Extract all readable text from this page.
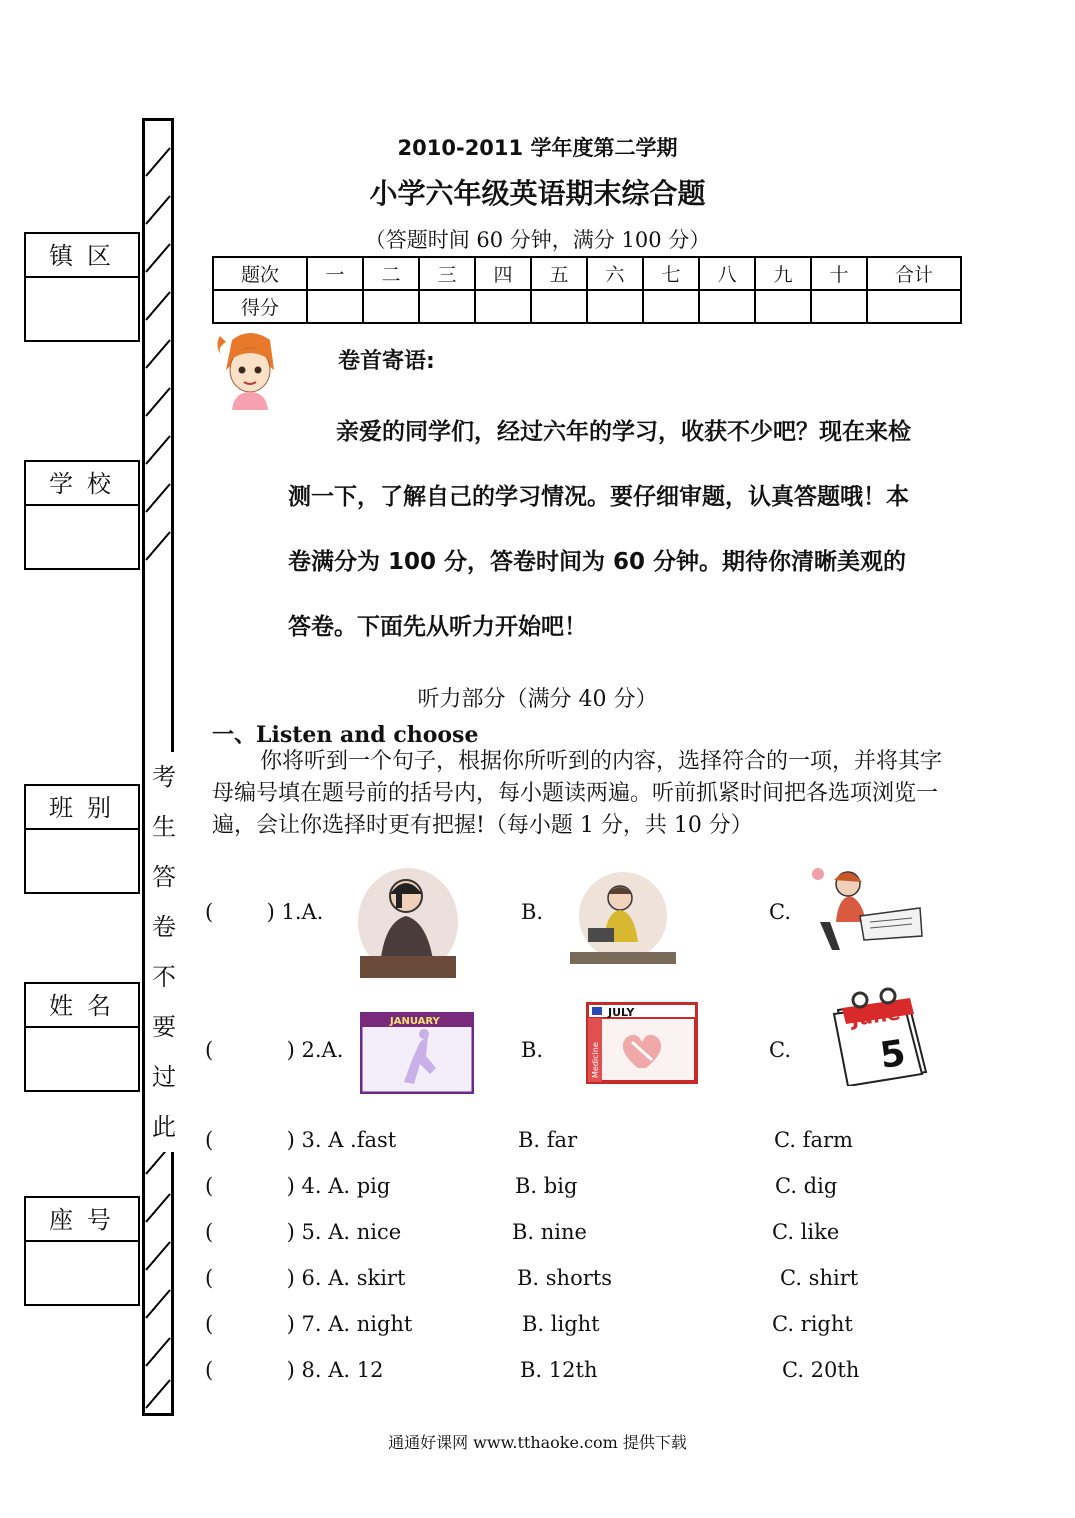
镇区
学校
班别
姓名
座号
考
生
答
卷
不
要
过
此
2010-2011 学年度第二学期
小学六年级英语期末综合题
（答题时间 60 分钟，满分 100 分）
题次	一	二	三	四	五	六	七	八	九	十	合计
得分											
卷首寄语:
亲爱的同学们，经过六年的学习，收获不少吧？现在来检
测一下，了解自己的学习情况。要仔细审题，认真答题哦！本
卷满分为 100 分，答卷时间为 60 分钟。期待你清晰美观的
答卷。下面先从听力开始吧！
听力部分（满分 40 分）
一、Listen and choose
你将听到一个句子，根据你所听到的内容，选择符合的一项，并将其字
母编号填在题号前的括号内，每小题读两遍。听前抓紧时间把各选项浏览一
遍，会让你选择时更有把握!（每小题 1 分，共 10 分）
(        ) 1.A.	B.	C.
(           ) 2.A.	B.	C.
JANUARY
JULY
Medicine
June
5
(           ) 3. A .fast	B. far	C. farm
(           ) 4. A. pig	B. big	C. dig
(           ) 5. A. nice	B. nine	C. like
(           ) 6. A. skirt	B. shorts	C. shirt
(           ) 7. A. night	B. light	C. right
(           ) 8. A. 12	B. 12th	C. 20th
通通好课网 www.tthaoke.com 提供下载
